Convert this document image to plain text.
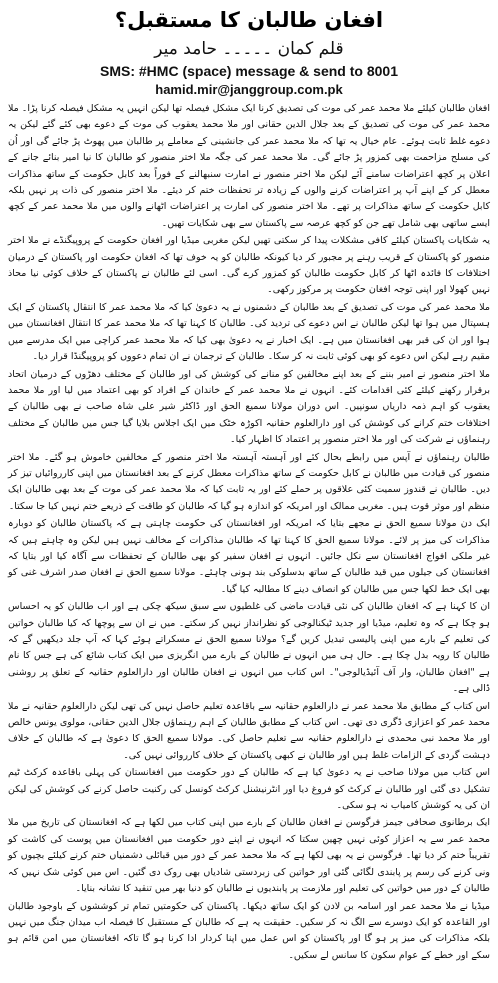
افغان طالبان کا مستقبل؟
قلم کمان ۔۔۔۔۔ حامد میر
SMS: #HMC (space) message & send to 8001
hamid.mir@janggroup.com.pk

افغان طالبان کیلئے ملا محمد عمر کی موت کی تصدیق کرنا ایک مشکل فیصلہ تھا لیکن انہیں یہ مشکل فیصلہ کرنا پڑا۔ ملا محمد عمر کی موت کی تصدیق کے بعد جلال الدین حقانی اور ملا محمد یعقوب کی موت کے دعوے بھی کئے گئے لیکن یہ دعوے غلط ثابت ہوئے۔ عام خیال یہ تھا کہ ملا محمد عمر کی جانشینی کے معاملے پر طالبان میں پھوٹ پڑ جائے گی اور اُن کی مسلح مزاحمت بھی کمزور پڑ جائے گی۔ ملا محمد عمر کی جگہ ملا اختر منصور کو طالبان کا نیا امیر بنائے جانے کے اعلان پر کچھ اعتراضات سامنے آئے لیکن ملا اختر منصور نے امارت سنبھالنے کے فوراً بعد کابل حکومت کے ساتھ مذاکرات معطل کر کے اپنے آپ پر اعتراضات کرنے والوں کے زیادہ تر تحفظات ختم کر دیئے۔ ملا اختر منصور کی ذات پر نہیں بلکہ کابل حکومت کے ساتھ مذاکرات پر تھے۔ ملا اختر منصور کی امارت پر اعتراضات اٹھانے والوں میں ملا محمد عمر کے کچھ ایسے ساتھی بھی شامل تھے جن کو کچھ عرصہ سے پاکستان سے بھی شکایات تھیں۔

یہ شکایات پاکستان کیلئے کافی مشکلات پیدا کر سکتی تھیں لیکن مغربی میڈیا اور افغان حکومت کے پروپیگنڈے نے ملا اختر منصور کو پاکستان کے قریب رہنے پر مجبور کر دیا کیونکہ طالبان کو یہ خوف تھا کہ افغان حکومت اور پاکستان کے درمیان اختلافات کا فائدہ اٹھا کر کابل حکومت طالبان کو کمزور کرے گی۔ اسی لئے طالبان نے پاکستان کے خلاف کوئی نیا محاذ نہیں کھولا اور اپنی توجہ افغان حکومت پر مرکوز رکھی۔

ملا محمد عمر کی موت کی تصدیق کے بعد طالبان کے دشمنوں نے یہ دعویٰ کیا کہ ملا محمد عمر کا انتقال پاکستان کے ایک ہسپتال میں ہوا تھا لیکن طالبان نے اس دعوے کی تردید کی۔ طالبان کا کہنا تھا کہ ملا محمد عمر کا انتقال افغانستان میں ہوا اور ان کی قبر بھی افغانستان میں ہے۔ ایک اخبار نے یہ دعویٰ بھی کیا کہ ملا محمد عمر کراچی میں ایک مدرسے میں مقیم رہے لیکن اس دعوے کو بھی کوئی ثابت نہ کر سکا۔ طالبان کے ترجمان نے ان تمام دعووں کو پروپیگنڈا قرار دیا۔

ملا اختر منصور نے امیر بننے کے بعد اپنے مخالفین کو منانے کی کوشش کی اور طالبان کے مختلف دھڑوں کے درمیان اتحاد برقرار رکھنے کیلئے کئی اقدامات کئے۔ انہوں نے ملا محمد عمر کے خاندان کے افراد کو بھی اعتماد میں لیا اور ملا محمد یعقوب کو اہم ذمہ داریاں سونپیں۔ اس دوران مولانا سمیع الحق اور ڈاکٹر شیر علی شاہ صاحب نے بھی طالبان کے اختلافات ختم کرانے کی کوشش کی اور دارالعلوم حقانیہ اکوڑہ خٹک میں ایک اجلاس بلایا گیا جس میں طالبان کے مختلف رہنماؤں نے شرکت کی اور ملا اختر منصور پر اعتماد کا اظہار کیا۔

طالبان رہنماؤں نے آپس میں رابطے بحال کئے اور آہستہ آہستہ ملا اختر منصور کے مخالفین خاموش ہو گئے۔ ملا اختر منصور کی قیادت میں طالبان نے کابل حکومت کے ساتھ مذاکرات معطل کرنے کے بعد افغانستان میں اپنی کارروائیاں تیز کر دیں۔ طالبان نے قندوز سمیت کئی علاقوں پر حملے کئے اور یہ ثابت کیا کہ ملا محمد عمر کی موت کے بعد بھی طالبان ایک منظم اور موثر قوت ہیں۔ مغربی ممالک اور امریکہ کو اندازہ ہو گیا کہ طالبان کو طاقت کے ذریعے ختم نہیں کیا جا سکتا۔

ایک دن مولانا سمیع الحق نے مجھے بتایا کہ امریکہ اور افغانستان کی حکومت چاہتی ہے کہ پاکستان طالبان کو دوبارہ مذاکرات کی میز پر لائے۔ مولانا سمیع الحق کا کہنا تھا کہ طالبان مذاکرات کے مخالف نہیں ہیں لیکن وہ چاہتے ہیں کہ غیر ملکی افواج افغانستان سے نکل جائیں۔ انہوں نے افغان سفیر کو بھی طالبان کے تحفظات سے آگاہ کیا اور بتایا کہ افغانستان کی جیلوں میں قید طالبان کے ساتھ بدسلوکی بند ہونی چاہئے۔ مولانا سمیع الحق نے افغان صدر اشرف غنی کو بھی ایک خط لکھا جس میں طالبان کو انصاف دینے کا مطالبہ کیا گیا۔

ان کا کہنا ہے کہ افغان طالبان کی نئی قیادت ماضی کی غلطیوں سے سبق سیکھ چکی ہے اور اب طالبان کو یہ احساس ہو چکا ہے کہ وہ تعلیم، میڈیا اور جدید ٹیکنالوجی کو نظرانداز نہیں کر سکتے۔ میں نے ان سے پوچھا کہ کیا طالبان خواتین کی تعلیم کے بارے میں اپنی پالیسی تبدیل کریں گے؟ مولانا سمیع الحق نے مسکراتے ہوئے کہا کہ آپ جلد دیکھیں گے کہ طالبان کا رویہ بدل چکا ہے۔ حال ہی میں انہوں نے طالبان کے بارے میں انگریزی میں ایک کتاب شائع کی ہے جس کا نام ہے "افغان طالبان، وار آف آئیڈیالوجی"۔ اس کتاب میں انہوں نے افغان طالبان اور دارالعلوم حقانیہ کے تعلق پر روشنی ڈالی ہے۔

اس کتاب کے مطابق ملا محمد عمر نے دارالعلوم حقانیہ سے باقاعدہ تعلیم حاصل نہیں کی تھی لیکن دارالعلوم حقانیہ نے ملا محمد عمر کو اعزازی ڈگری دی تھی۔ اس کتاب کے مطابق طالبان کے اہم رہنماؤں جلال الدین حقانی، مولوی یونس خالص اور ملا محمد نبی محمدی نے دارالعلوم حقانیہ سے تعلیم حاصل کی۔ مولانا سمیع الحق کا دعویٰ ہے کہ طالبان کے خلاف دہشت گردی کے الزامات غلط ہیں اور طالبان نے کبھی پاکستان کے خلاف کارروائی نہیں کی۔

اس کتاب میں مولانا صاحب نے یہ دعویٰ کیا ہے کہ طالبان کے دور حکومت میں افغانستان کی پہلی باقاعدہ کرکٹ ٹیم تشکیل دی گئی اور طالبان نے کرکٹ کو فروغ دیا اور انٹرنیشنل کرکٹ کونسل کی رکنیت حاصل کرنے کی کوشش کی لیکن ان کی یہ کوشش کامیاب نہ ہو سکی۔

ایک برطانوی صحافی جیمز فرگوسن نے افغان طالبان کے بارے میں اپنی کتاب میں لکھا ہے کہ افغانستان کی تاریخ میں ملا محمد عمر سے یہ اعزاز کوئی نہیں چھین سکتا کہ انہوں نے اپنے دور حکومت میں افغانستان میں پوست کی کاشت کو تقریباً ختم کر دیا تھا۔ فرگوسن نے یہ بھی لکھا ہے کہ ملا محمد عمر کے دور میں قبائلی دشمنیاں ختم کرنے کیلئے بچیوں کو ونی کرنے کی رسم پر پابندی لگائی گئی اور خواتین کی زبردستی شادیاں بھی روک دی گئیں۔ اس میں کوئی شک نہیں کہ طالبان کے دور میں خواتین کی تعلیم اور ملازمت پر پابندیوں نے طالبان کو دنیا بھر میں تنقید کا نشانہ بنایا۔

میڈیا نے ملا محمد عمر اور اسامہ بن لادن کو ایک ساتھ دیکھا۔ پاکستان کی حکومتیں تمام تر کوششوں کے باوجود طالبان اور القاعدہ کو ایک دوسرے سے الگ نہ کر سکیں۔ حقیقت یہ ہے کہ طالبان کے مستقبل کا فیصلہ اب میدان جنگ میں نہیں بلکہ مذاکرات کی میز پر ہو گا اور پاکستان کو اس عمل میں اپنا کردار ادا کرنا ہو گا تاکہ افغانستان میں امن قائم ہو سکے اور خطے کے عوام سکون کا سانس لے سکیں۔
